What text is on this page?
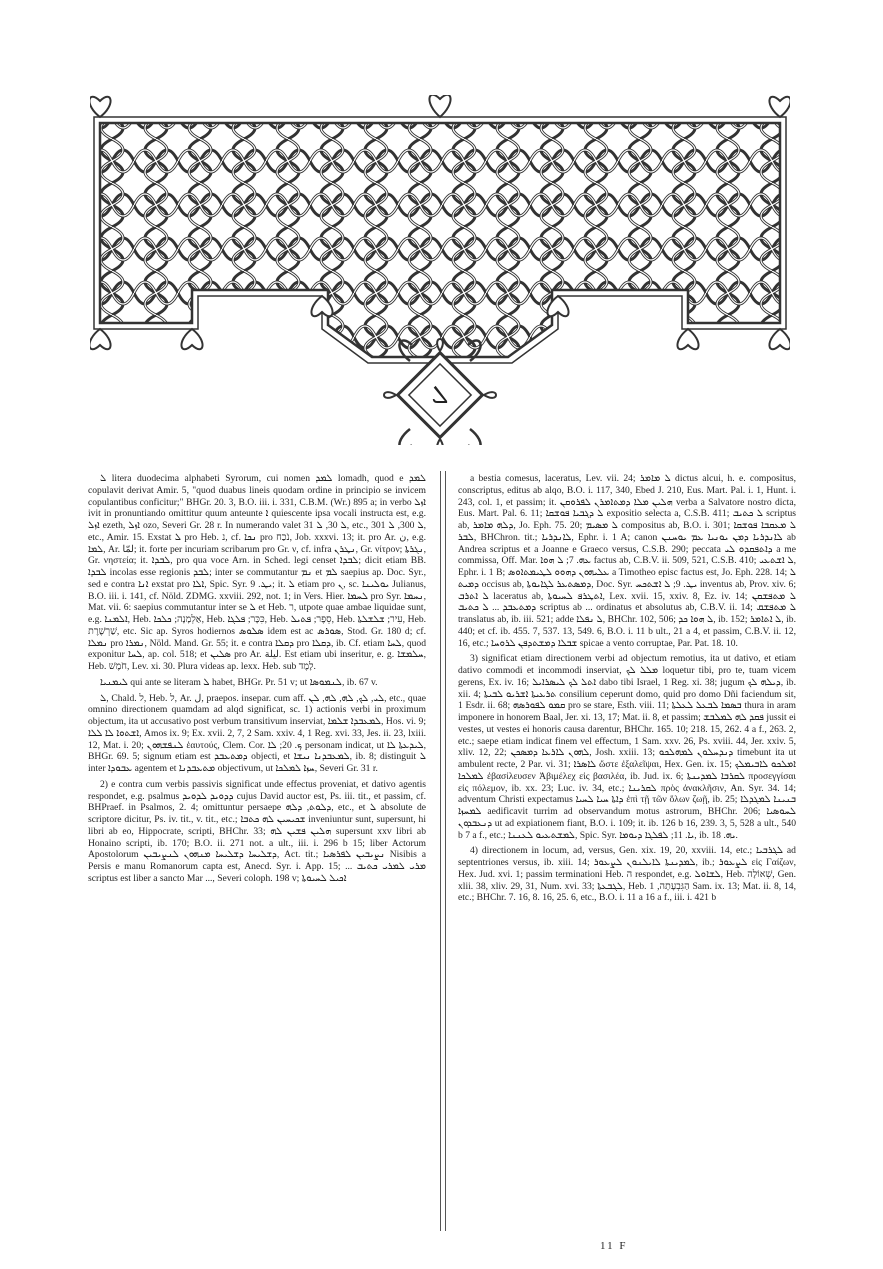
ܠ

ܠ litera duodecima alphabeti Syrorum, cui nomen ܠܡܕ lomadh, quod e ܠܡܕ copulavit derivat Amir. 5, "quod duabus lineis quodam ordine in principio se invicem copulantibus conficitur;" BHGr. 20. 3, B.O. iii. i. 331, C.B.M. (Wr.) 895 a; in verbo ܐܙܠ ivit in pronuntiando omittitur quum anteunte ܐ quiescente ipsa vocali instructa est, e.g. ܐܙܠ ezeth, ܐܙܠ ozo, Severi Gr. 28 r. In numerando valet ܠ 30, ܠ 31, etc., ܠ 300, ܠ 301, etc., Amir. 15. Exstat ܠ pro Heb. נ, cf. ܢܟܐ pro נֹכַח, Job. xxxvi. 13; it. pro Ar. ن, e.g. ܠܡܐ, Ar. لمّا; it. forte per incuriam scribarum pro Gr. ν, cf. infra ܢܛܪܢ, Gr. νίτρον; ܢܓܪܬܐ, Gr. νηστεία; it. ܠܒܕܐ, pro qua voce Arn. in Sched. legi censet ܠܒܕܐ; dicit etiam BB. ܠܒܕܐ incolas esse regionis ܠܒܕ; inter se commutantur ܢܡ et ܠܡ saepius ap. Doc. Syr., sed e contra ܐܢܐ exstat pro ܐܠܐ, Spic. Syr. ܝܛ. 9; it. ܠ etiam pro ܢ, sc. ܝܘܠܝܢܐ Julianus, B.O. iii. i. 141, cf. Nöld. ZDMG. xxviii. 292, not. 1; in Vers. Hier. ܠܚܡܐ pro Syr. ܢܚܡܐ, Mat. vii. 6: saepius commutantur inter se ܠ et Heb. ר, utpote quae ambae liquidae sunt, e.g. ܐܠܡܢܐ, Heb. אַלְמָנָה; ܟܠܟܐ, Heb. כִּכָּר; ܦܠܓܐ, Heb. סֵפֶר; ܦܬܝܠ, Heb. עִיר; ܫܠܫܠܬܐ, Heb. שַׁרְשֶׁרֶת, etc. Sic ap. Syros hodiernos ܣܠܘܣ idem est ac ܣܘܪܣ, Stod. Gr. 180 d; cf. ܢܡܠܐ pro ܢܡܪܐ, Nöld. Mand. Gr. 55; it. e contra ܕܩܠܐ pro ܕܩܠܐ, ib. Cf. etiam ܠܚܐ, quod exponitur ܠܚܐ, ap. col. 518; et ܣܠܝܢ pro Ar. ليلة. Est etiam ubi inseritur, e. g. ܚܠܡܫܐ, Heb. חֹמֶשׁ, Lev. xi. 30. Plura videas ap. lexx. Heb. sub לָמֶד.

ܠܝܡܢܝܐ qui ante se literam ܠ habet, BHGr. Pr. 51 v; ut ܠܢܡܘܣܐ, ib. 67 v.

ܠ, Chald. ל, Heb. ל, Ar. ل, praepos. insepar. cum aff. ܠܝ, ܠܟ, ܠܗ, ܠܗ, ܠܢ, etc., quae omnino directionem quamdam ad alqd significat, sc. 1) actionis verbi in proximum objectum, ita ut accusativo post verbum transitivum inserviat, ܠܡܥܒܕܐ ܫܠܡܐ, Hos. vi. 9; ܐܫܬܘܐ ܠܐ ܠܠܐ, Amos ix. 9; Ex. xvii. 2, 7, 2 Sam. xxiv. 4, 1 Reg. xvi. 33, Jes. ii. 23, lxiii. 12, Mat. i. 20; ܠܢܦܫܗܘܢ ἑαυτούς, Clem. Cor. ܟ. 20; ܠܐ personam indicat, ut ܠܝܕܥܬܐ ܠܐ, BHGr. 69. 5; signum etiam est ܕܡܬܥܒܕ objecti, et ܠܡܥܒܕܢܐ ܢܝܫܐ, ib. 8; distinguit ܠ inter ܥܒܘܕܐ agentem et ܡܬܥܒܕܢܐ objectivum, ut ܚܙܐ ܠܡܠܟܐ, Severi Gr. 31 r.

2) e contra cum verbis passivis significat unde effectus proveniat, et dativo agentis respondet, e.g. psalmus ܕܕܘܝܕ ܠܕܘܝܕ cujus David auctor est, Ps. iii. tit., et passim, cf. BHPraef. in Psalmos, 2. 4; omittuntur persaepe ܕܠܘܬ, ܕܠܗ, etc., et ܠ absolute de scriptore dicitur, Ps. iv. tit., v. tit., etc.; ܫܟܝܚܝܢ ܠܗ ܟܬܒܐ inveniuntur sunt, supersunt, hi libri ab eo, Hippocrate, scripti, BHChr. 33; ܗܠܝܢ ܦܫܝܢ ܠܗ supersunt xxv libri ab Honaino scripti, ib. 170; B.O. ii. 271 not. a ult., iii. i. 296 b 15; liber Actorum Apostolorum ܕܫܠܝܚܐ ܕܫܠܝܚܐ ܡܢܗܘܢ ܠܢܨܝܒܝܢ, Act. tit.; ܢܨܝܒܝܢ ܠܦܪܣܝܐ Nisibis a Persis e manu Romanorum capta est, Anecd. Syr. i. App. 15; ... ܡܪܝ ܠܡܪܝ ܟܬܝܒ scriptus est liber a sancto Mar ..., Severi coloph. 198 v; ܐܟܝܠ ܠܚܝܘܬܐ

a bestia comesus, laceratus, Lev. vii. 24; ܠ ܡܐܡܪ dictus alcui, h. e. compositus, conscriptus, editus ab alqo, B.O. i. 117, 340, Ebed J. 210, Eus. Mart. Pal. i. 1, Hunt. i. 243, col. 1, et passim; it. ܗܠܝܢ ܡܠܐ ܕܡܬܐܡܪܢ ܠܦܪܘܩܢ verba a Salvatore nostro dicta, Eus. Mart. Pal. 6. 11; ܠ ܕܓܒܝܐ ܦܘܫܩܐ expositio selecta a, C.S.B. 411; ܠ ܟܬܝܒ scriptus ab, ܕܠܗ ܡܐܡܪ, Jo. Eph. 75. 20; ܠ ܡܣܝܡ compositus ab, B.O. i. 301; ܠ ܡܥܩܒܐ ܦܘܫܩܐ ܠܒܪ, BHChron. tit.; ܠܐܢܕܪܝܐ, Ephr. i. 1 A; canon ܠܐܢܕܪܝܐ ܕܡܢ ܝܘܢܝܐ ܥܡ ܝܘܚܢܢ ab Andrea scriptus et a Joanne e Graeco versus, C.S.B. 290; peccata ܕܐܬܦܩܕܘ ܠܝ a me commissa, Off. Mar. ܥܗ. 7; ܠ ܗܘܐ factus ab, C.B.V. ii. 509, 521, C.S.B. 410; ܠ ܐܫܬܥܝ, Ephr. i. 1 B; ܥܠܝܗܘܢ ܕܗܘܘ ܠܛܝܡܬܐܘܣ a Timotheo episc factus est, Jo. Eph. 228. 14; ܠ ܕܡܝܬ occisus ab, ܕܡܣܬܥܪ ܠܓܐܝܘܬܐ, Doc. Syr. ܝܛ. 9; ܠ ܐܫܬܟܚ inventus ab, Prov. xiv. 6; ܠ ܐܬܪܒ laceratus ab, ܐܬܛܪܦ ܠܚܝܘܬܐ, Lex. xvii. 15, xxiv. 8, Ez. iv. 14; ܠ ܡܬܦܫܩܢ ܕܡܬܥܒܕ ... ܠ ܟܬܝܒ scriptus ab ... ordinatus et absolutus ab, C.B.V. ii. 14; ܠ ܡܬܦܫܩ translatus ab, ib. iii. 521; adde ܠ ܢܦܠܐ, BHChr. 102, 506; ܠ ܗܘܐ ܟܕ, ib. 152; ܠ ܐܬܐܡܪ, ib. 440; et cf. ib. 455. 7, 537. 13, 549. 6, B.O. i. 11 b ult., 21 a 4, et passim, C.B.V. ii. 12, 16, etc.; ܫܒܠܐ ܕܡܫܬܕܦܢ ܠܪܘܚܐ spicae a vento corruptae, Par. Pat. 18. 10.

3) significat etiam directionem verbi ad objectum remotius, ita ut dativo, et etiam dativo commodi et incommodi inserviat, ܡܠܠ ܠܟ loquetur tibi, pro te, tuam vicem gerens, Ex. iv. 16; ܐܬܠ ܠܟ ܠܝܣܪܐܝܠ dabo tibi Israel, 1 Reg. xi. 38; jugum ܕܝܠܗ ܠܟ, ib. xii. 4; ܬܪܥܝܬܐ ܐܫܪܝܘ ܠܒܝܬܐ consilium ceperunt domo, quid pro domo Dñi faciendum sit, 1 Esdr. ii. 68; ܩܡܘ ܠܦܘܪܣܗ pro se stare, Esth. viii. 11; ܒܣܡܐ ܠܒܥܠ ܠܥܠܬܐ thura in aram imponere in honorem Baal, Jer. xi. 13, 17; Mat. ii. 8, et passim; ܦܩܕ ܠܗ ܠܡܠܒܫ jussit ei vestes, ut vestes ei honoris causa darentur, BHChr. 165. 10; 218. 15, 262. 4 a f., 263. 2, etc.; saepe etiam indicat finem vel effectum, 1 Sam. xxv. 26, Ps. xviii. 44, Jer. xxiv. 5, xliv. 12, 22; ܠܗܘܢ ܠܐܪܥܐ ܕܡܣܟܢ, Josh. xxiii. 13; ܕܢܕܚܠܘܢ ܠܡܗܠܟܘ timebunt ita ut ambulent recte, 2 Par. vi. 31; ܠܐܣܪܐ ὥστε ἐξαλεῖψαι, Hex. Gen. ix. 15; ܐܡܠܟܘ ܠܐܒܝܡܠܟ ܠܡܠܟܐ ἐβασίλευσεν Ἀβιμέλεχ εἰς βασιλέα, ib. Jud. ix. 6; ܠܩܪܒܐ ܠܡܕܝܢܬܐ προσεγγίσαι εἰς πόλεμον, ib. xx. 23; Luc. iv. 34, etc.; ܠܩܪܝܢܐ πρὸς ἀνακλῆσιν, An. Syr. 34. 14; adventum Christi expectamus ܕܐܬܐ ܚܝܐ ܠܚܝܐ ἐπὶ τῇ τῶν ὅλων ζωῇ, ib. 25; ܒܢܝܢܐ ܠܡܓܕܠܐ ܠܡܚܙܐ aedificavit turrim ad observandum motus astrorum, BHChr. 206; ܠܚܘܣܝܐ ܕܢܥܒܕܘܢ ut ad expiationem fiant, B.O. i. 109; it. ib. 126 b 16, 239. 3, 5, 528 a ult., 540 b 7 a f., etc.; ܠܡܫܬܥܝܘ ܠܥܢܢܐ, Spic. Syr. ܝܐ. 11; ܠܦܠܓܐ ܕܝܘܡܐ, ib. ܝܗ. 18.

4) directionem in locum, ad, versus, Gen. xix. 19, 20, xxviii. 14, etc.; ܠܓܪܒܝܐ ad septentriones versus, ib. xiii. 14; ܠܡܕܝܢܬܐ ܠܐܝܠܢܘܢ ܠܨܥܘܪ, ib.; ܠܨܥܘܪ εἰς Γαίζων, Hex. Jud. xvi. 1; passim terminationi Heb. ה respondet, e.g. ܠܫܐܘܠ, Heb. שְׁאוֹלָה, Gen. xlii. 38, xliv. 29, 31, Num. xvi. 33; ܠܓܒܥܬܐ, Heb. הַגִּבְעָתָה, 1 Sam. ix. 13; Mat. ii. 8, 14, etc.; BHChr. 7. 16, 8. 16, 25. 6, etc., B.O. i. 11 a 16 a f., iii. i. 421 b

11 F
